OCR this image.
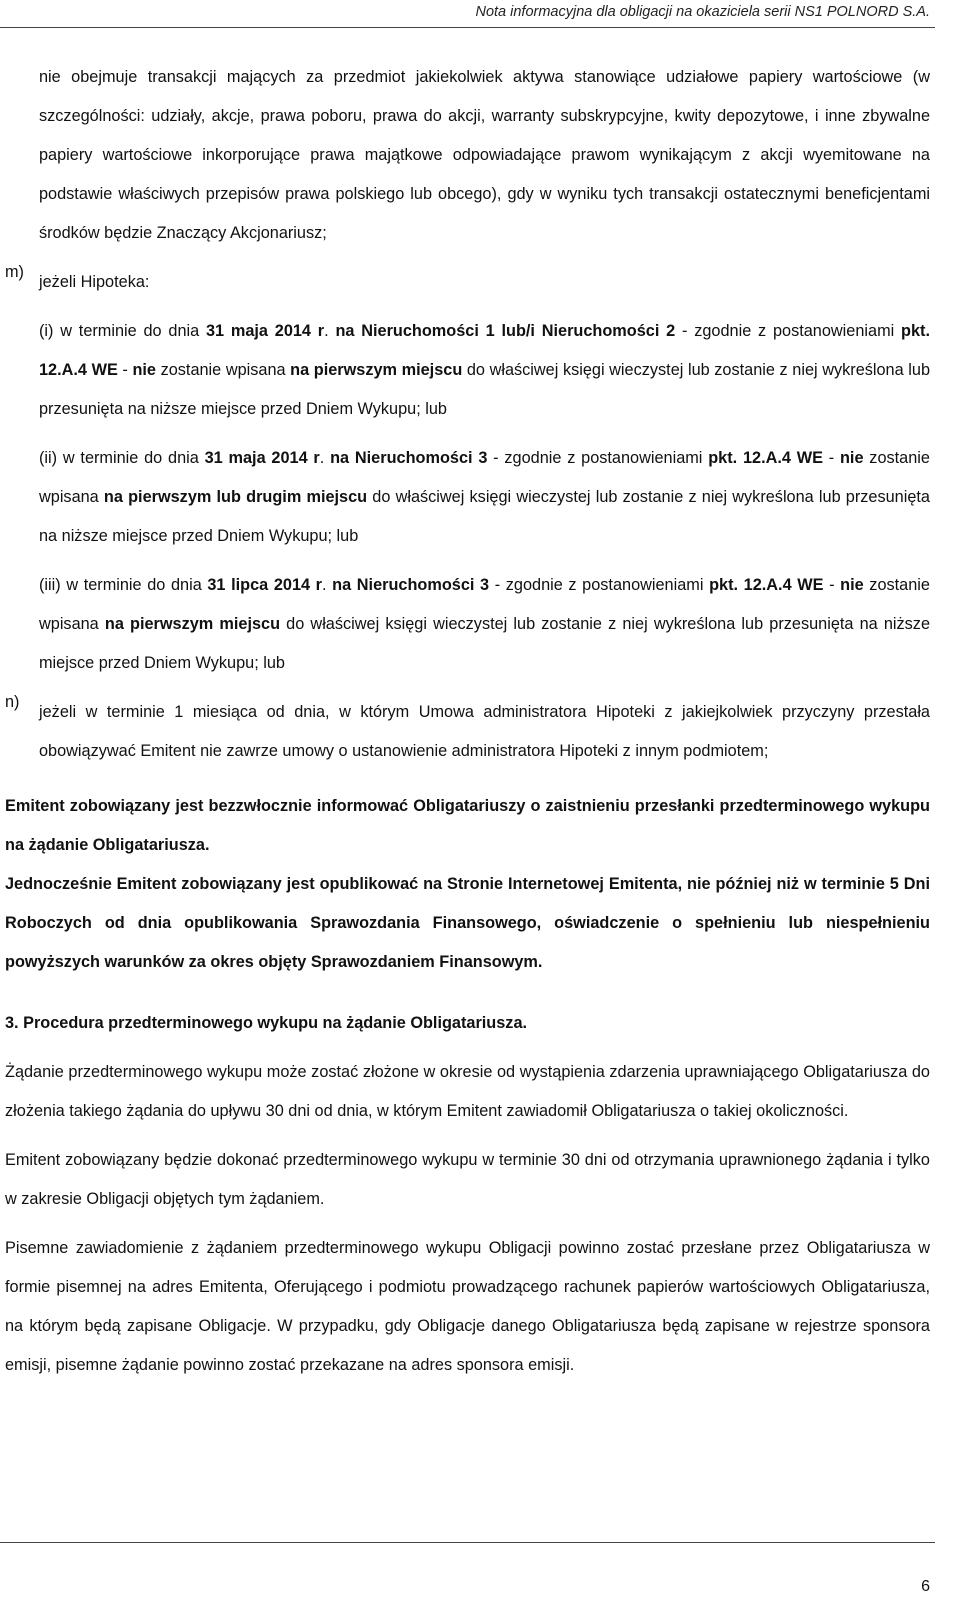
Nota informacyjna dla obligacji na okaziciela serii NS1 POLNORD S.A.

nie obejmuje transakcji mających za przedmiot jakiekolwiek aktywa stanowiące udziałowe papiery wartościowe (w szczególności: udziały, akcje, prawa poboru, prawa do akcji, warranty subskrypcyjne, kwity depozytowe, i inne zbywalne papiery wartościowe inkorporujące prawa majątkowe odpowiadające prawom wynikającym z akcji wyemitowane na podstawie właściwych przepisów prawa polskiego lub obcego), gdy w wyniku tych transakcji ostatecznymi beneficjentami środków będzie Znaczący Akcjonariusz;

m)
jeżeli Hipoteka:

(i) w terminie do dnia 31 maja 2014 r. na Nieruchomości 1 lub/i Nieruchomości 2 - zgodnie z postanowieniami pkt. 12.A.4 WE - nie zostanie wpisana na pierwszym miejscu do właściwej księgi wieczystej lub zostanie z niej wykreślona lub przesunięta na niższe miejsce przed Dniem Wykupu; lub

(ii) w terminie do dnia 31 maja 2014 r. na Nieruchomości 3 - zgodnie z postanowieniami pkt. 12.A.4 WE - nie zostanie wpisana na pierwszym lub drugim miejscu do właściwej księgi wieczystej lub zostanie z niej wykreślona lub przesunięta na niższe miejsce przed Dniem Wykupu; lub

(iii) w terminie do dnia 31 lipca 2014 r. na Nieruchomości 3 - zgodnie z postanowieniami pkt. 12.A.4 WE - nie zostanie wpisana na pierwszym miejscu do właściwej księgi wieczystej lub zostanie z niej wykreślona lub przesunięta na niższe miejsce przed Dniem Wykupu; lub

n)
jeżeli w terminie 1 miesiąca od dnia, w którym Umowa administratora Hipoteki z jakiejkolwiek przyczyny przestała obowiązywać Emitent nie zawrze umowy o ustanowienie administratora Hipoteki z innym podmiotem;

Emitent zobowiązany jest bezzwłocznie informować Obligatariuszy o zaistnieniu przesłanki przedterminowego wykupu na żądanie Obligatariusza.

Jednocześnie Emitent zobowiązany jest opublikować na Stronie Internetowej Emitenta, nie później niż w terminie 5 Dni Roboczych od dnia opublikowania Sprawozdania Finansowego, oświadczenie o spełnieniu lub niespełnieniu powyższych warunków za okres objęty Sprawozdaniem Finansowym.

3. Procedura przedterminowego wykupu na żądanie Obligatariusza.

Żądanie przedterminowego wykupu może zostać złożone w okresie od wystąpienia zdarzenia uprawniającego Obligatariusza do złożenia takiego żądania do upływu 30 dni od dnia, w którym Emitent zawiadomił Obligatariusza o takiej okoliczności.

Emitent zobowiązany będzie dokonać przedterminowego wykupu w terminie 30 dni od otrzymania uprawnionego żądania i tylko w zakresie Obligacji objętych tym żądaniem.

Pisemne zawiadomienie z żądaniem przedterminowego wykupu Obligacji powinno zostać przesłane przez Obligatariusza w formie pisemnej na adres Emitenta, Oferującego i podmiotu prowadzącego rachunek papierów wartościowych Obligatariusza, na którym będą zapisane Obligacje. W przypadku, gdy Obligacje danego Obligatariusza będą zapisane w rejestrze sponsora emisji, pisemne żądanie powinno zostać przekazane na adres sponsora emisji.

6
